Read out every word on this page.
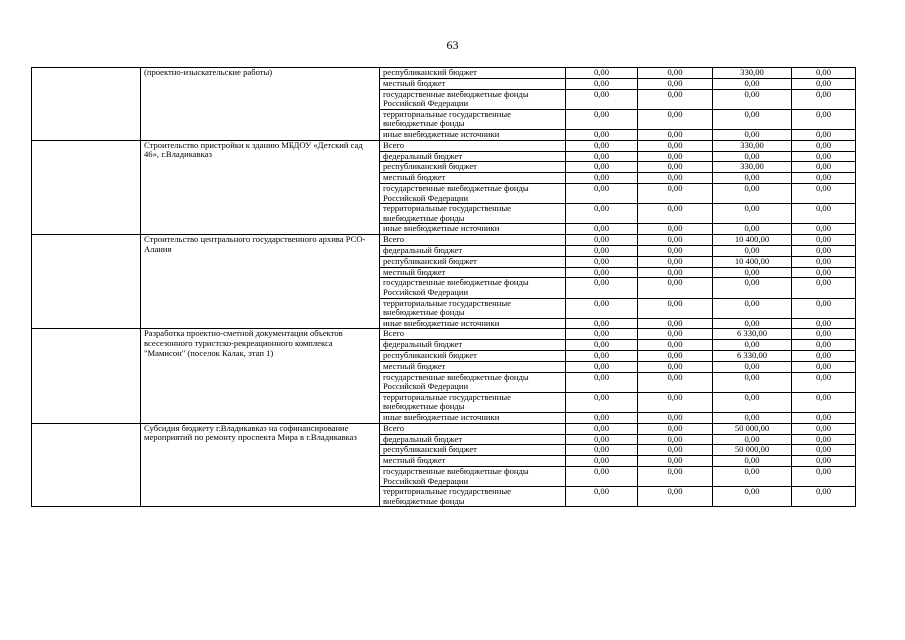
63
	(проектно-изыскательские работы)	республиканский бюджет	0,00	0,00	330,00	0,00
		местный бюджет	0,00	0,00	0,00	0,00
		государственные внебюджетные фонды Российской Федерации	0,00	0,00	0,00	0,00
		территориальные государственные внебюджетные фонды	0,00	0,00	0,00	0,00
		иные внебюджетные источники	0,00	0,00	0,00	0,00
	Строительство пристройки к зданию МБДОУ «Детский сад 46», г.Владикавказ	Всего	0,00	0,00	330,00	0,00
		федеральный бюджет	0,00	0,00	0,00	0,00
		республиканский бюджет	0,00	0,00	330,00	0,00
		местный бюджет	0,00	0,00	0,00	0,00
		государственные внебюджетные фонды Российской Федерации	0,00	0,00	0,00	0,00
		территориальные государственные внебюджетные фонды	0,00	0,00	0,00	0,00
		иные внебюджетные источники	0,00	0,00	0,00	0,00
	Строительство центрального государственного архива РСО-Алания	Всего	0,00	0,00	10 400,00	0,00
		федеральный бюджет	0,00	0,00	0,00	0,00
		республиканский бюджет	0,00	0,00	10 400,00	0,00
		местный бюджет	0,00	0,00	0,00	0,00
		государственные внебюджетные фонды Российской Федерации	0,00	0,00	0,00	0,00
		территориальные государственные внебюджетные фонды	0,00	0,00	0,00	0,00
		иные внебюджетные источники	0,00	0,00	0,00	0,00
	Разработка проектно-сметной документации объектов всесезонного туристско-рекреационного комплекса "Мамисон" (поселок Калак, этап 1)	Всего	0,00	0,00	6 330,00	0,00
		федеральный бюджет	0,00	0,00	0,00	0,00
		республиканский бюджет	0,00	0,00	6 330,00	0,00
		местный бюджет	0,00	0,00	0,00	0,00
		государственные внебюджетные фонды Российской Федерации	0,00	0,00	0,00	0,00
		территориальные государственные внебюджетные фонды	0,00	0,00	0,00	0,00
		иные внебюджетные источники	0,00	0,00	0,00	0,00
	Субсидия бюджету г.Владикавказ на софинансирование мероприятий по ремонту проспекта Мира в г.Владикавказ	Всего	0,00	0,00	50 000,00	0,00
		федеральный бюджет	0,00	0,00	0,00	0,00
		республиканский бюджет	0,00	0,00	50 000,00	0,00
		местный бюджет	0,00	0,00	0,00	0,00
		государственные внебюджетные фонды Российской Федерации	0,00	0,00	0,00	0,00
		территориальные государственные внебюджетные фонды	0,00	0,00	0,00	0,00
